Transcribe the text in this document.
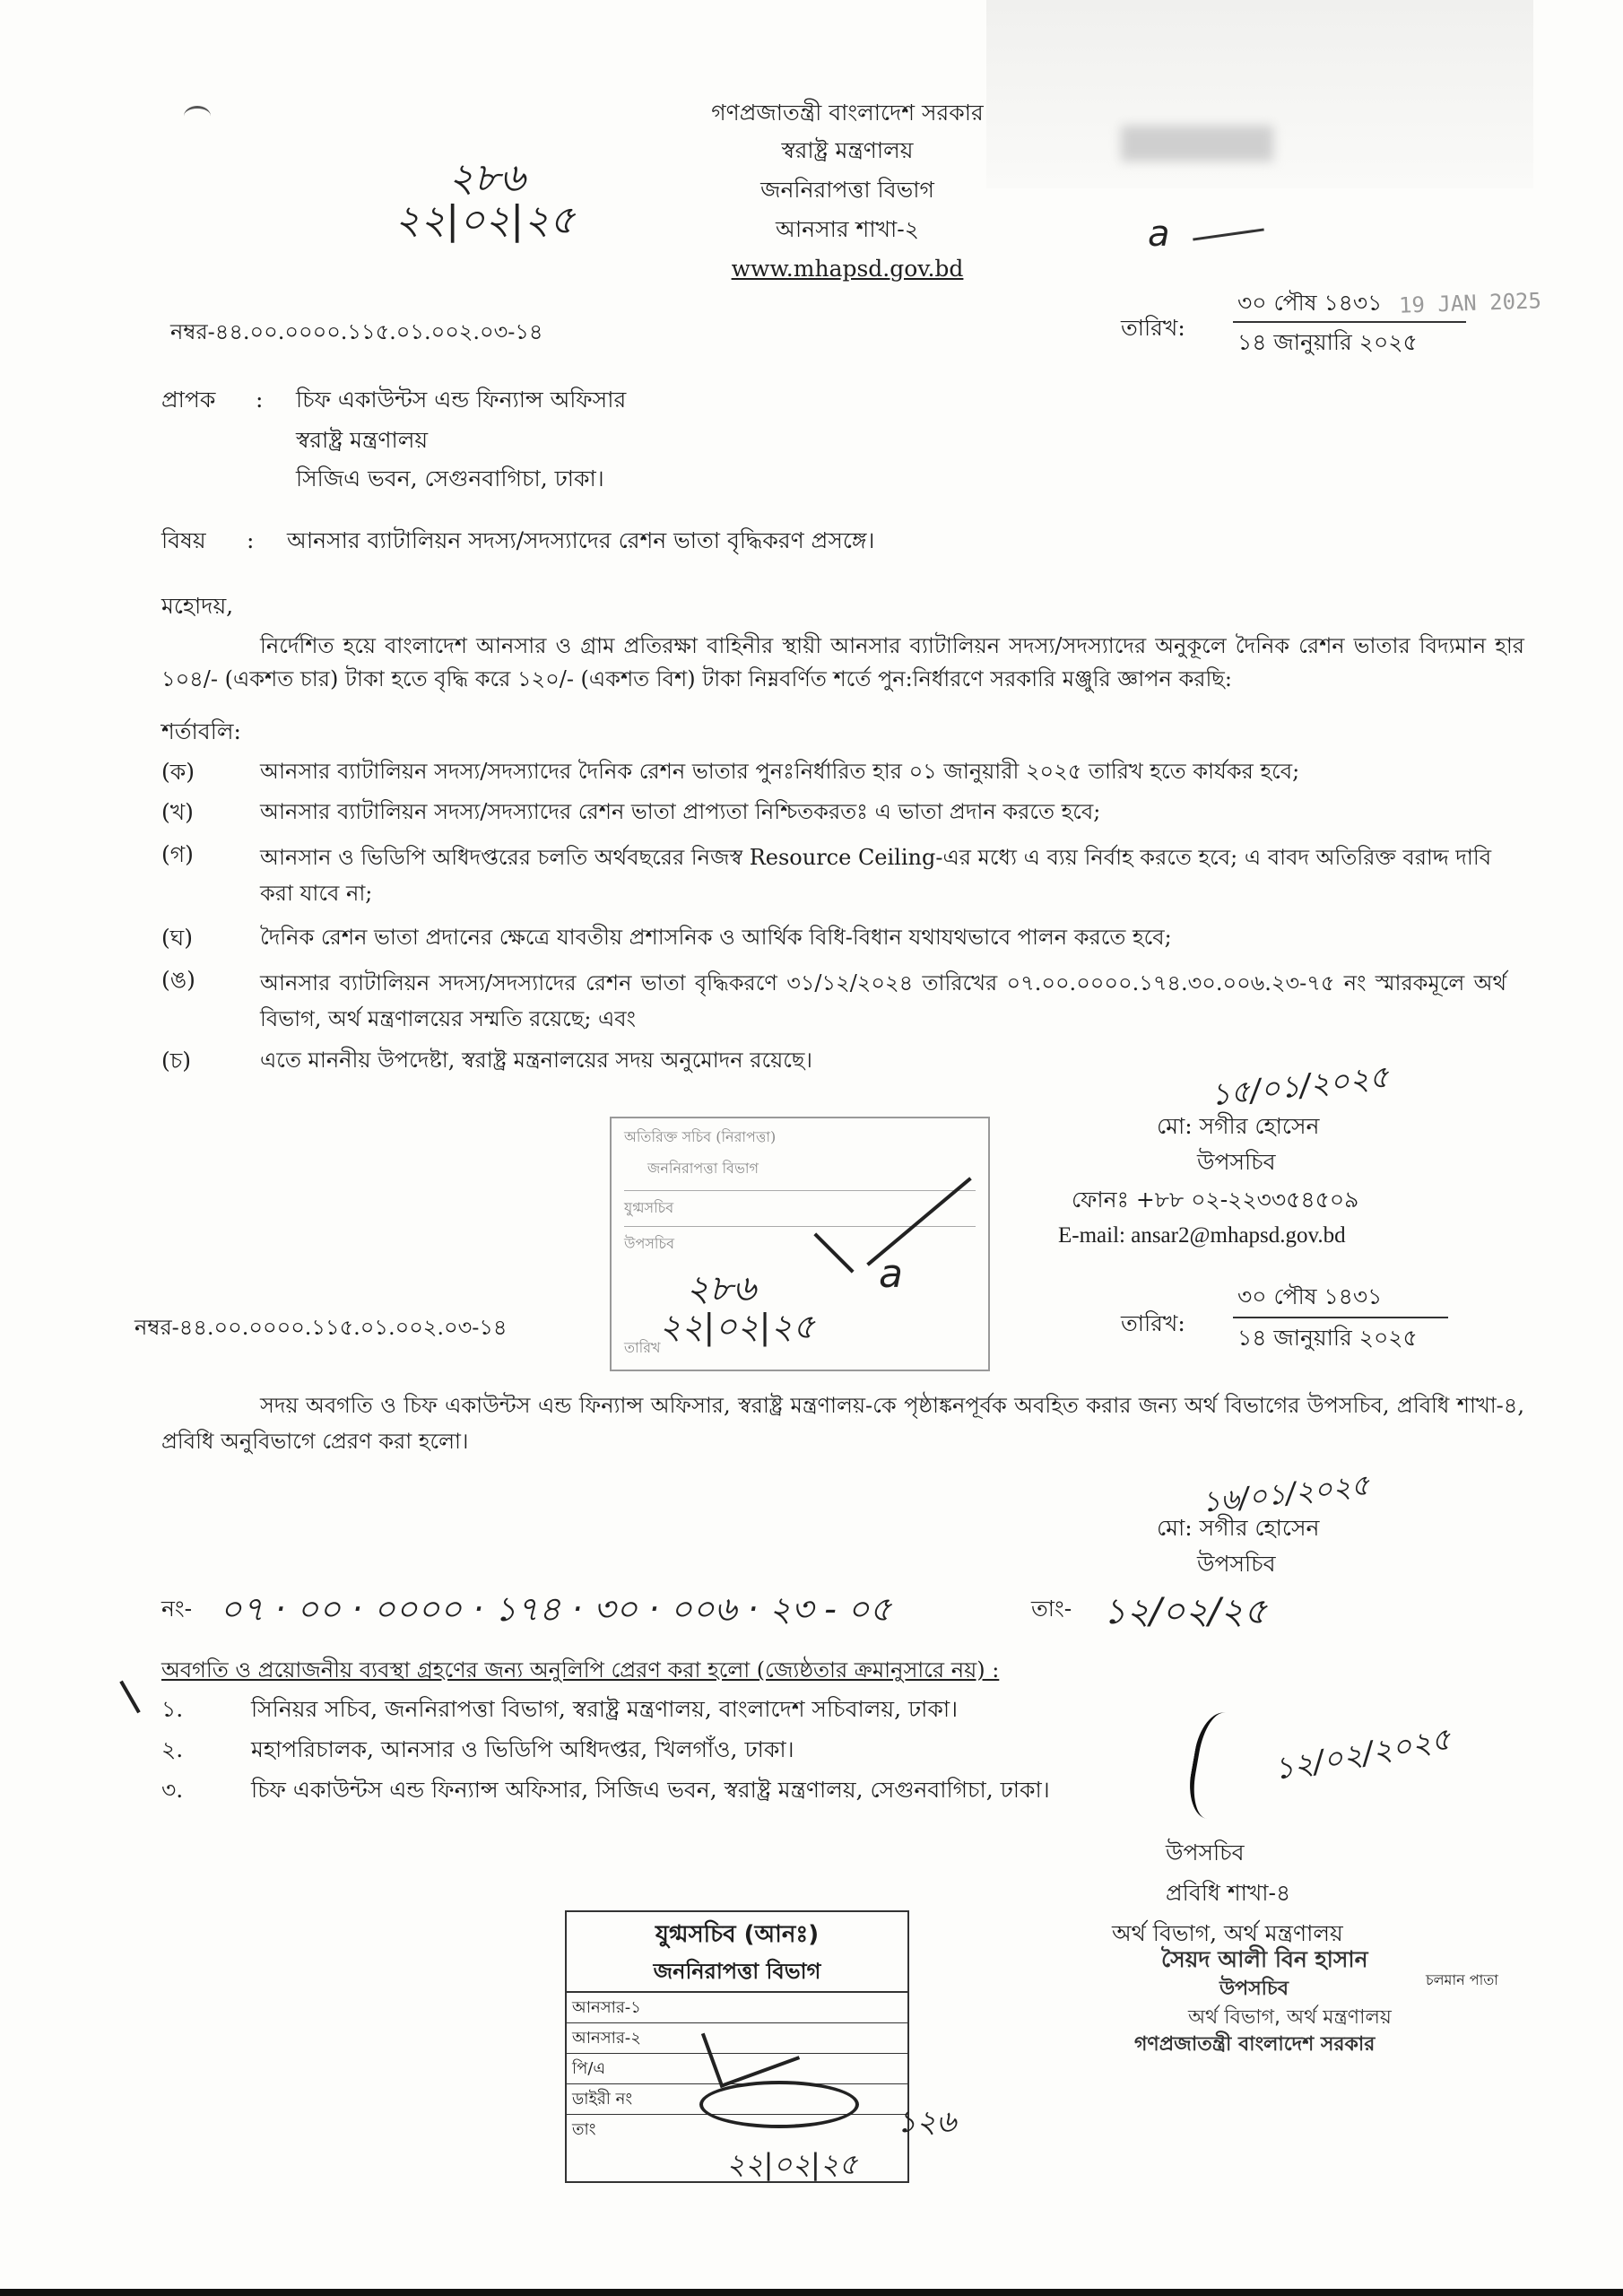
গণপ্রজাতন্ত্রী বাংলাদেশ সরকার
স্বরাষ্ট্র মন্ত্রণালয়
জননিরাপত্তা বিভাগ
আনসার শাখা-২
www.mhapsd.gov.bd
২৮৬
২২|০২|২৫	a
নম্বর-৪৪.০০.০০০০.১১৫.০১.০০২.০৩-১৪	তারিখ:
৩০ পৌষ ১৪৩১
১৪ জানুয়ারি ২০২৫
19 JAN 2025
প্রাপক : চিফ একাউন্টস এন্ড ফিন্যান্স অফিসার
স্বরাষ্ট্র মন্ত্রণালয়
সিজিএ ভবন, সেগুনবাগিচা, ঢাকা।
বিষয় : আনসার ব্যাটালিয়ন সদস্য/সদস্যাদের রেশন ভাতা বৃদ্ধিকরণ প্রসঙ্গে।
মহোদয়,
নির্দেশিত হয়ে বাংলাদেশ আনসার ও গ্রাম প্রতিরক্ষা বাহিনীর স্থায়ী আনসার ব্যাটালিয়ন সদস্য/সদস্যাদের অনুকূলে দৈনিক রেশন ভাতার বিদ্যমান হার ১০৪/- (একশত চার) টাকা হতে বৃদ্ধি করে ১২০/- (একশত বিশ) টাকা নিম্নবর্ণিত শর্তে পুন:নির্ধারণে সরকারি মঞ্জুরি জ্ঞাপন করছি:
শর্তাবলি:
(ক)	আনসার ব্যাটালিয়ন সদস্য/সদস্যাদের দৈনিক রেশন ভাতার পুনঃনির্ধারিত হার ০১ জানুয়ারী ২০২৫ তারিখ হতে কার্যকর হবে;
(খ)	আনসার ব্যাটালিয়ন সদস্য/সদস্যাদের রেশন ভাতা প্রাপ্যতা নিশ্চিতকরতঃ এ ভাতা প্রদান করতে হবে;
(গ)	আনসান ও ভিডিপি অধিদপ্তরের চলতি অর্থবছরের নিজস্ব Resource Ceiling-এর মধ্যে এ ব্যয় নির্বাহ করতে হবে; এ বাবদ অতিরিক্ত বরাদ্দ দাবি করা যাবে না;
(ঘ)	দৈনিক রেশন ভাতা প্রদানের ক্ষেত্রে যাবতীয় প্রশাসনিক ও আর্থিক বিধি-বিধান যথাযথভাবে পালন করতে হবে;
(ঙ)	আনসার ব্যাটালিয়ন সদস্য/সদস্যাদের রেশন ভাতা বৃদ্ধিকরণে ৩১/১২/২০২৪ তারিখের ০৭.০০.০০০০.১৭৪.৩০.০০৬.২৩-৭৫ নং স্মারকমূলে অর্থ বিভাগ, অর্থ মন্ত্রণালয়ের সম্মতি রয়েছে; এবং
(চ)	এতে মাননীয় উপদেষ্টা, স্বরাষ্ট্র মন্ত্রনালয়ের সদয় অনুমোদন রয়েছে।	১৫/০১/২০২৫
মো: সগীর হোসেন
উপসচিব
ফোনঃ +৮৮ ০২-২২৩৩৫৪৫০৯
E-mail: ansar2@mhapsd.gov.bd
অতিরিক্ত সচিব (নিরাপত্তা)
জননিরাপত্তা বিভাগ
যুগ্মসচিব
উপসচিব
তারিখ
a
২৮৬
২২|০২|২৫
নম্বর-৪৪.০০.০০০০.১১৫.০১.০০২.০৩-১৪	তারিখ:
৩০ পৌষ ১৪৩১
১৪ জানুয়ারি ২০২৫
সদয় অবগতি ও চিফ একাউন্টস এন্ড ফিন্যান্স অফিসার, স্বরাষ্ট্র মন্ত্রণালয়-কে পৃষ্ঠাঙ্কনপূর্বক অবহিত করার জন্য অর্থ বিভাগের উপসচিব, প্রবিধি শাখা-৪, প্রবিধি অনুবিভাগে প্রেরণ করা হলো।
১৬/০১/২০২৫
মো: সগীর হোসেন
উপসচিব
নং- ০৭ · ০০ · ০০০০ · ১৭৪ · ৩০ · ০০৬ · ২৩ - ০৫	তাং- ১২/০২/২৫
অবগতি ও প্রয়োজনীয় ব্যবস্থা গ্রহণের জন্য অনুলিপি প্রেরণ করা হলো (জ্যেষ্ঠতার ক্রমানুসারে নয়) :
১.	সিনিয়র সচিব, জননিরাপত্তা বিভাগ, স্বরাষ্ট্র মন্ত্রণালয়, বাংলাদেশ সচিবালয়, ঢাকা।
২.	মহাপরিচালক, আনসার ও ভিডিপি অধিদপ্তর, খিলগাঁও, ঢাকা।
৩.	চিফ একাউন্টস এন্ড ফিন্যান্স অফিসার, সিজিএ ভবন, স্বরাষ্ট্র মন্ত্রণালয়, সেগুনবাগিচা, ঢাকা।
১২/০২/২০২৫
উপসচিব
প্রবিধি শাখা-৪
অর্থ বিভাগ, অর্থ মন্ত্রণালয়
সৈয়দ আলী বিন হাসান
উপসচিব
অর্থ বিভাগ, অর্থ মন্ত্রণালয়
গণপ্রজাতন্ত্রী বাংলাদেশ সরকার
চলমান পাতা
যুগ্মসচিব (আনঃ)
জননিরাপত্তা বিভাগ
আনসার-১
আনসার-২
পি/এ
ডাইরী নং
তাং	১২৬
২২|০২|২৫
